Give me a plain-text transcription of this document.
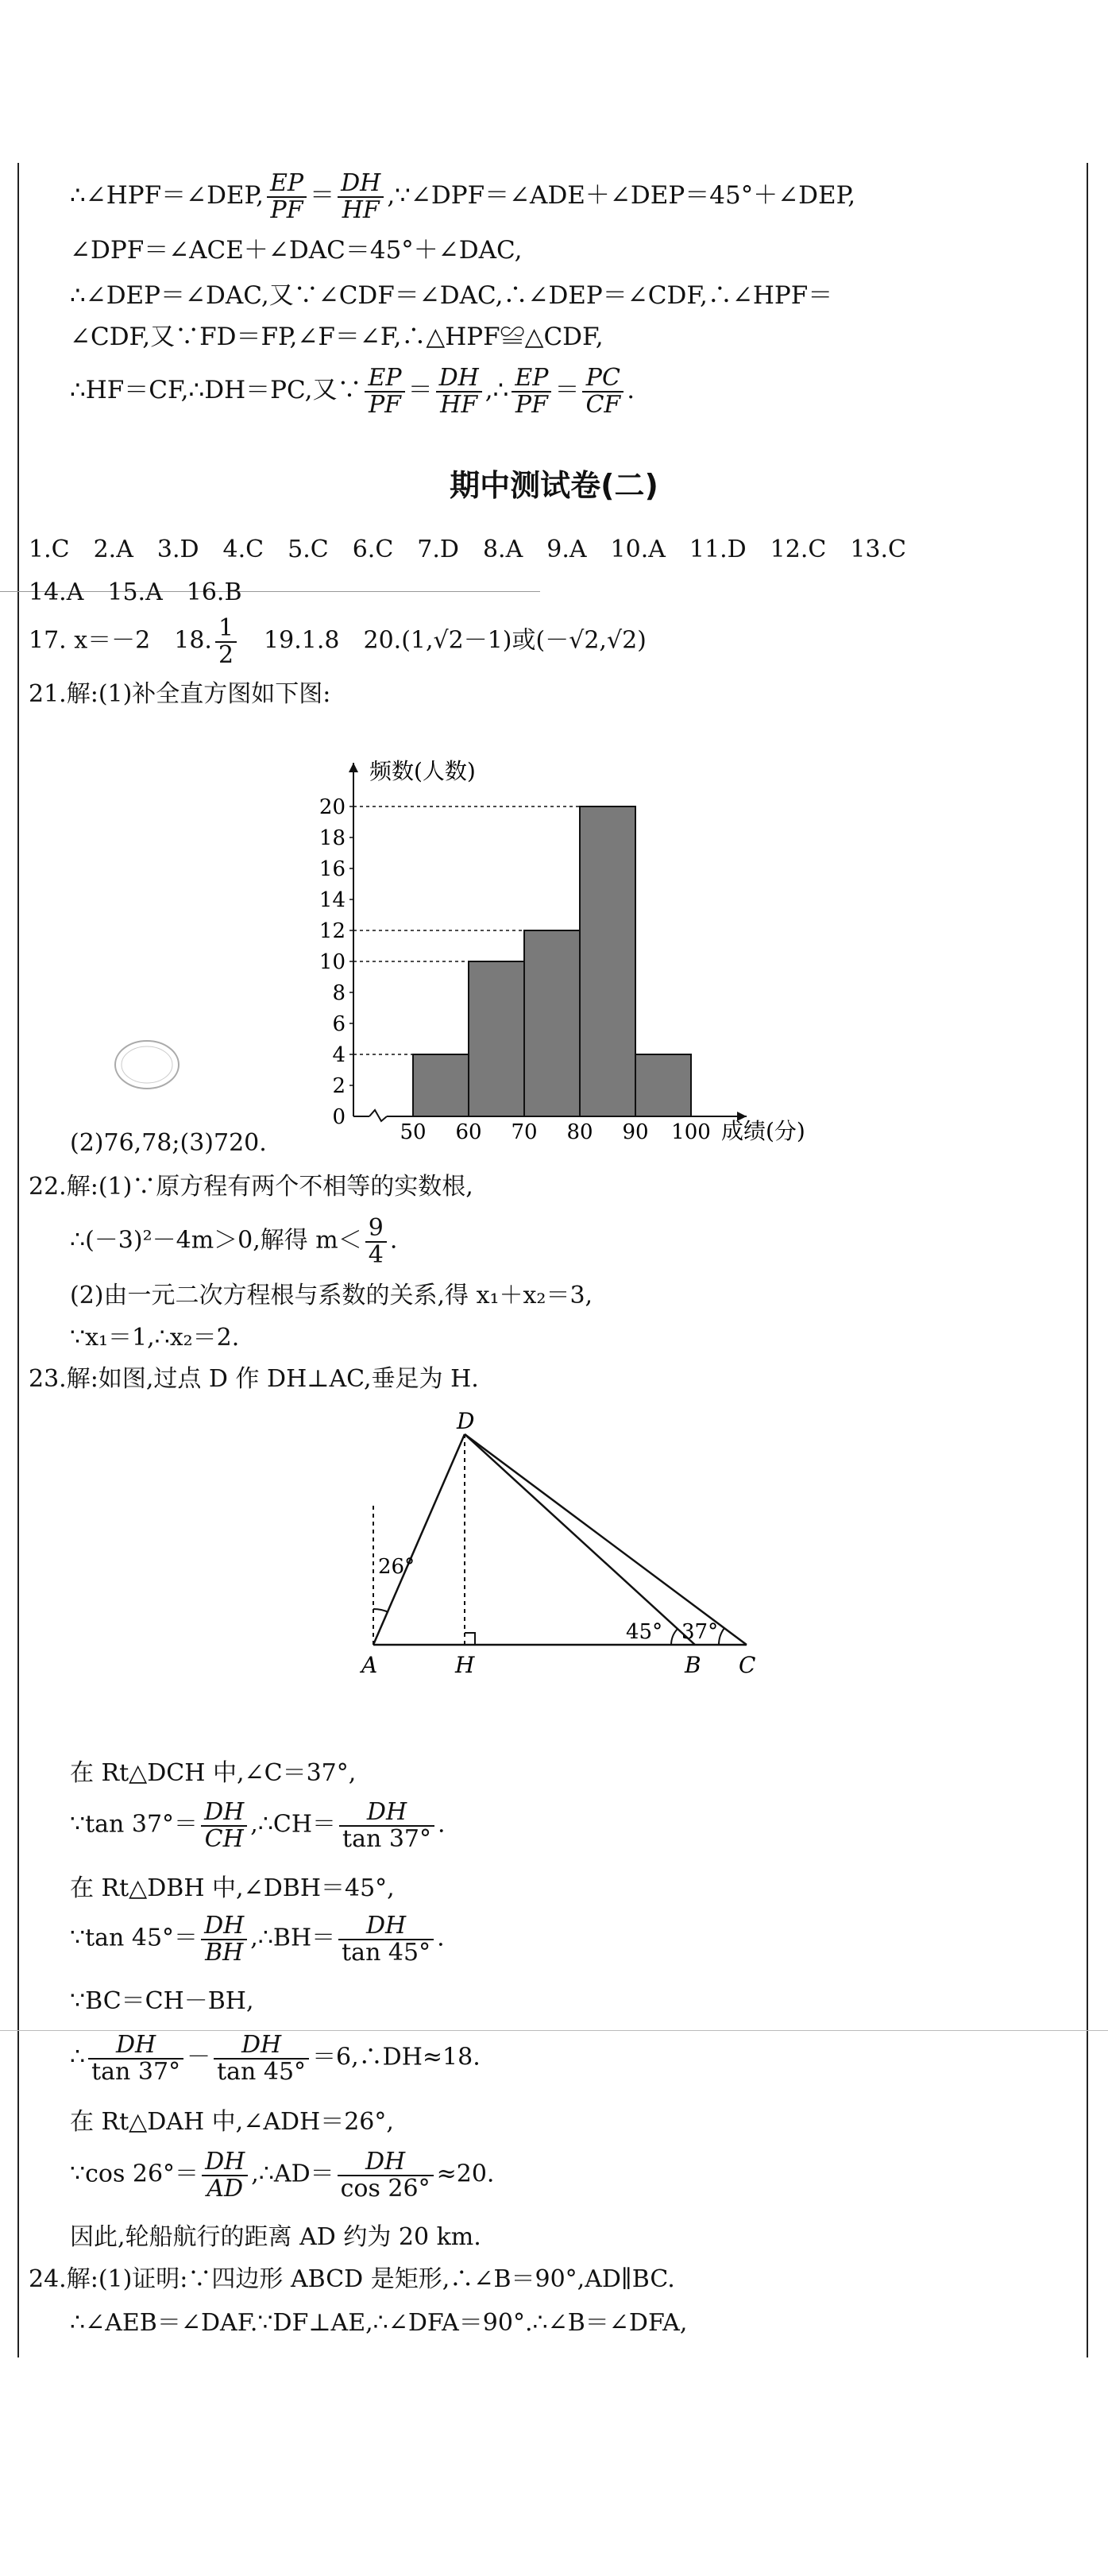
∴∠HPF＝∠DEP, $\frac{EP}{PF} = \frac{DH}{HF}$ ,∵∠DPF＝∠ADE＋∠DEP＝45°＋∠DEP,
∠DPF＝∠ACE＋∠DAC＝45°＋∠DAC,
∴∠DEP＝∠DAC,又∵∠CDF＝∠DAC,∴∠DEP＝∠CDF,∴∠HPF＝
∠CDF,又∵FD＝FP,∠F＝∠F,∴△HPF≌△CDF,
∴HF＝CF,∴DH＝PC,又∵ $\frac{EP}{PF} = \frac{DH}{HF}$ ,∴ $\frac{EP}{PF} = \frac{PC}{CF}$ .
期中测试卷(二)
1.C　2.A　3.D　4.C　5.C　6.C　7.D　8.A　9.A　10.A　11.D　12.C　13.C
14.A　15.A　16.B
17. x＝－2　18. $\frac{1}{2}$ 　19.1.8　20.(1,√2－1)或(－√2,√2)
21.解:(1)补全直方图如下图:
0
2
4
6
8
10
12
14
16
18
20
50 60 70 80 90 100
频数(人数)
成绩(分)
(2)76,78;(3)720.
22.解:(1)∵原方程有两个不相等的实数根,
∴(－3)²－4m＞0,解得 $m< \frac{9}{4}$ .
(2)由一元二次方程根与系数的关系,得 x₁＋x₂＝3,
∵x₁＝1,∴x₂＝2.
23.解:如图,过点 D 作 DH⊥AC,垂足为 H.
D
A	H	B C
26°
45° 37°
在 Rt△DCH 中,∠C＝37°,
∵tan $37^\circ= \frac{DH}{CH}$ ,∴CH＝ $\frac{DH}{\tan 37^\circ}$ .
在 Rt△DBH 中,∠DBH＝45°,
∵tan $45^\circ= \frac{DH}{BH}$ ,∴BH＝ $\frac{DH}{\tan 45^\circ}$ .
∵BC＝CH－BH,
∴ $\frac{DH}{\tan 37^\circ} - \frac{DH}{\tan 45^\circ}$ ＝6,∴DH≈18.
在 Rt△DAH 中,∠ADH＝26°,
∵cos $26^\circ= \frac{DH}{AD}$ ,∴AD＝ $\frac{DH}{\cos 26^\circ} \approx 20$.
因此,轮船航行的距离 AD 约为 20 km.
24.解:(1)证明:∵四边形 ABCD 是矩形,∴∠B＝90°,AD∥BC.
∴∠AEB＝∠DAF.∵DF⊥AE,∴∠DFA＝90°.∴∠B＝∠DFA,
